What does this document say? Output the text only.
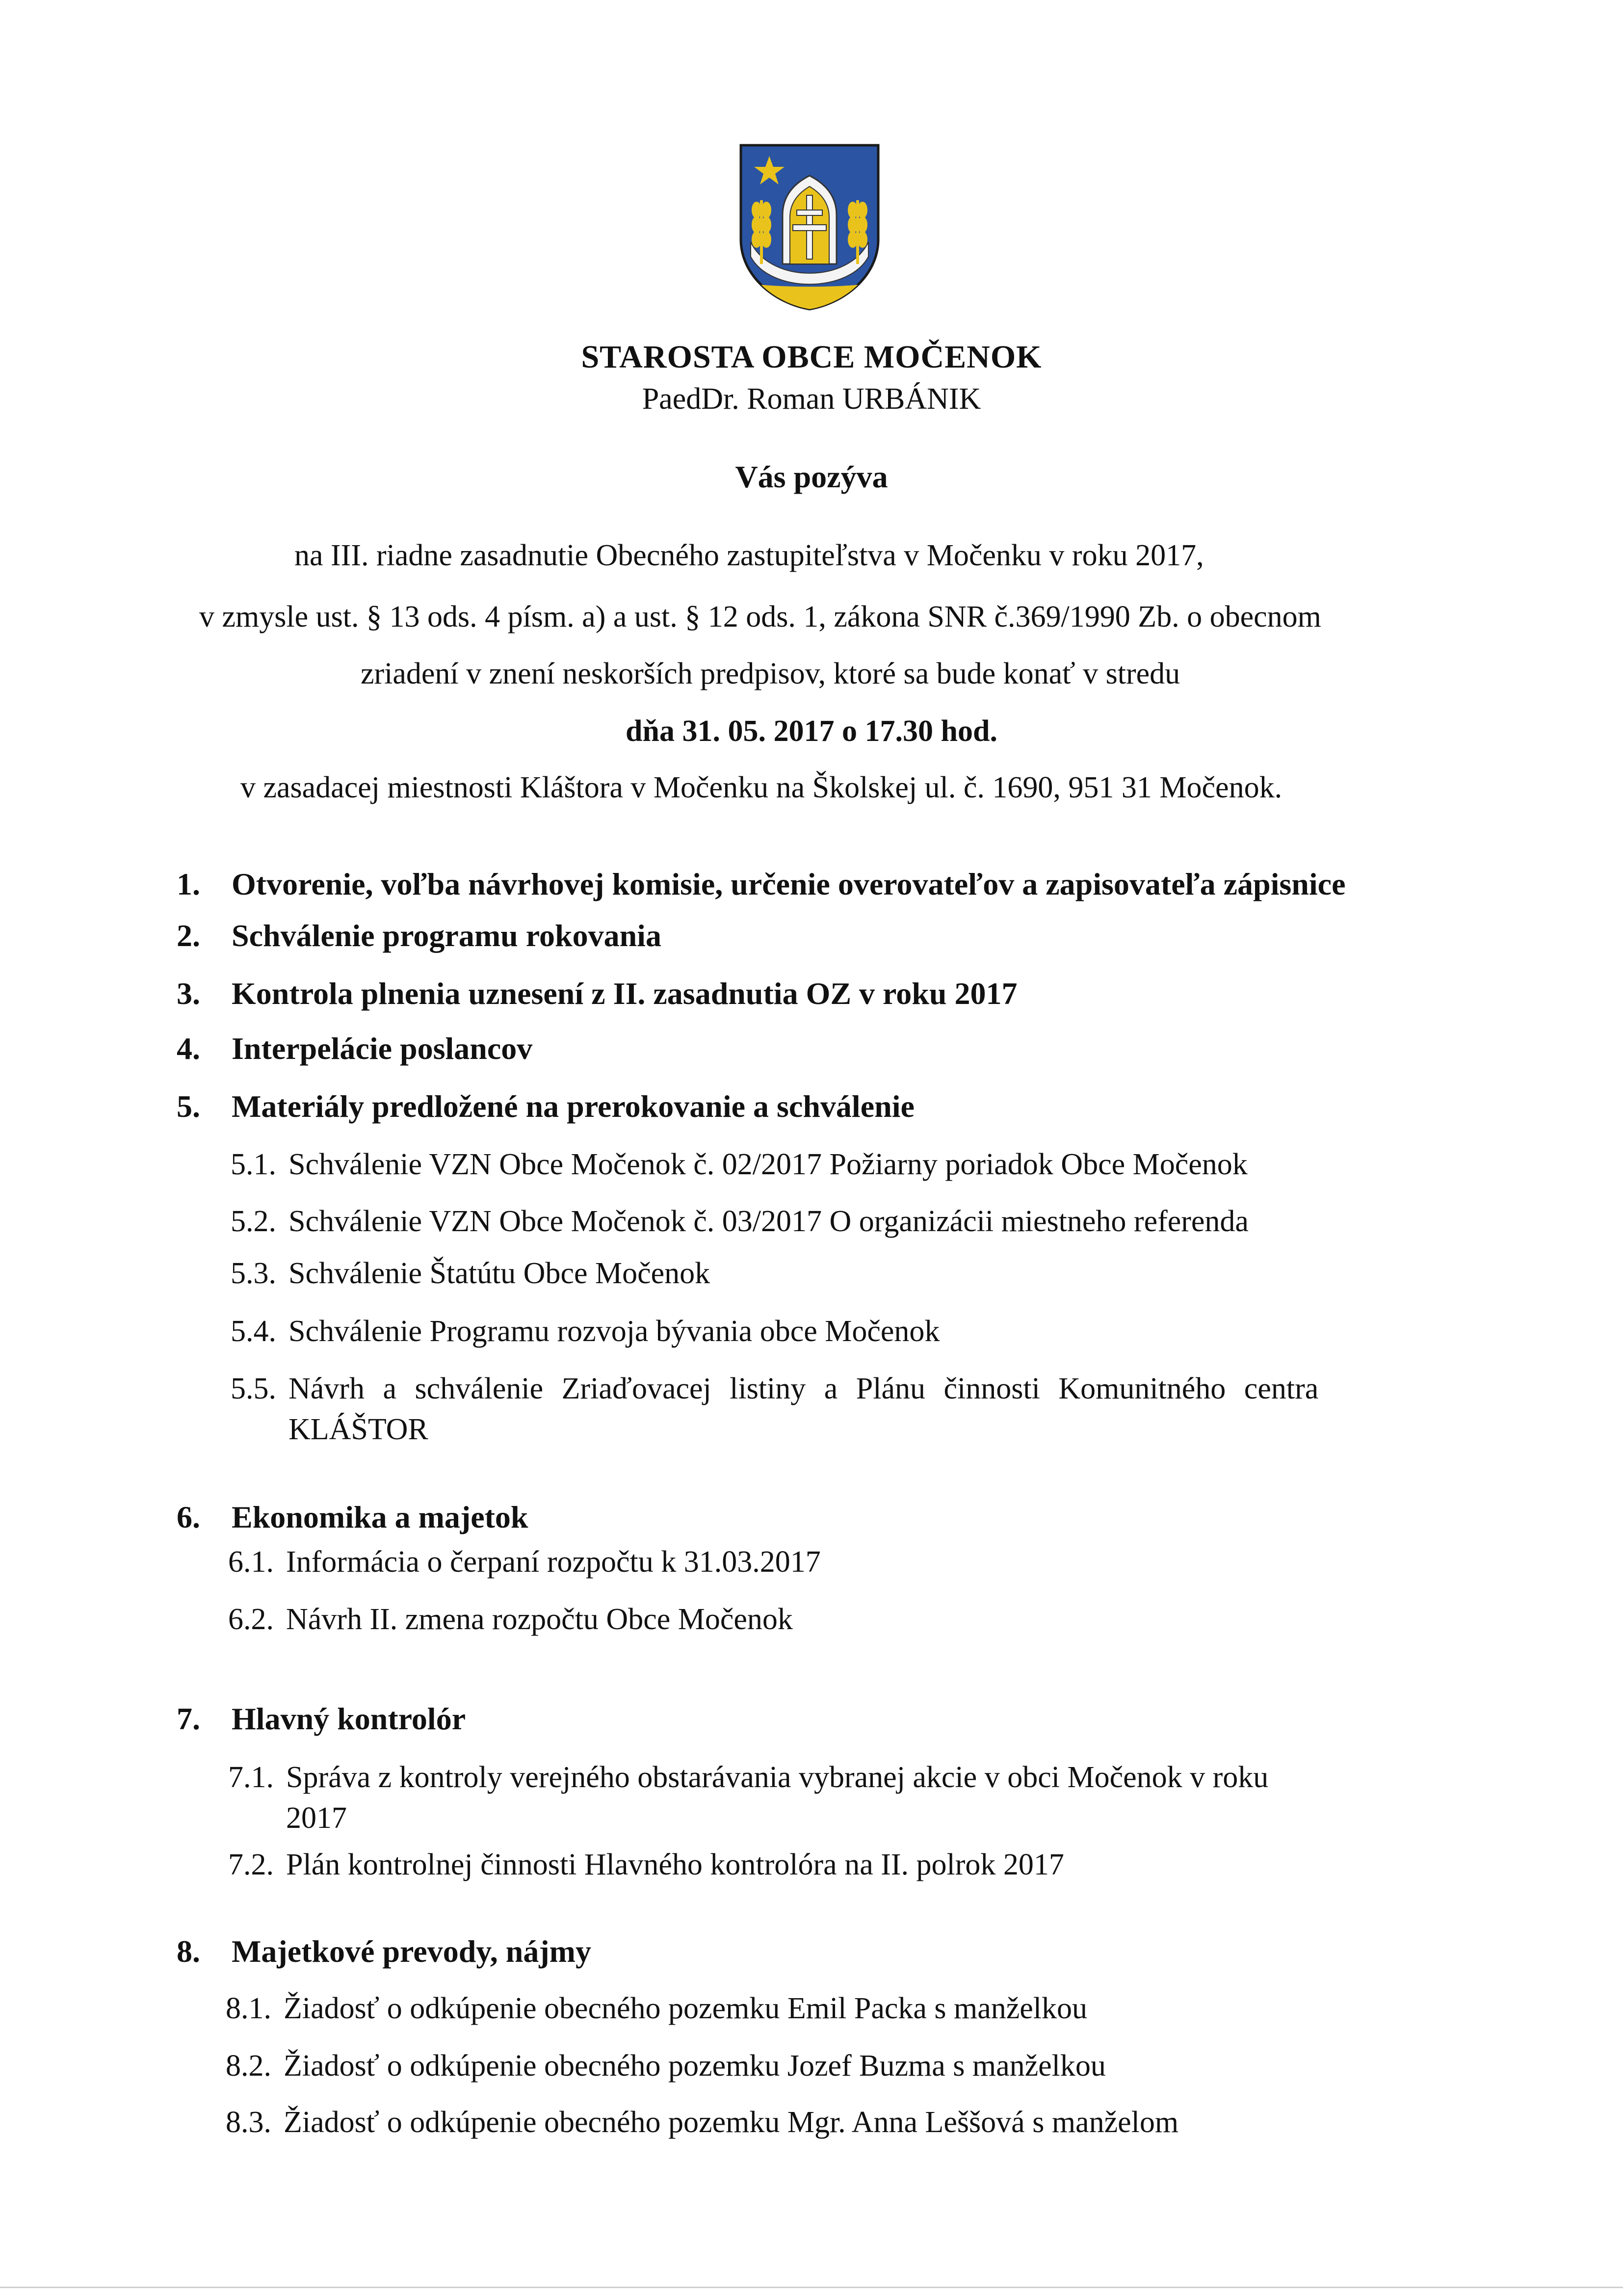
STAROSTA OBCE MOČENOK
PaedDr. Roman URBÁNIK
Vás pozýva
na III. riadne zasadnutie Obecného zastupiteľstva v Močenku v roku 2017,
v zmysle ust. § 13 ods. 4 písm. a) a ust. § 12 ods. 1, zákona SNR č.369/1990 Zb. o obecnom
zriadení v znení neskorších predpisov, ktoré sa bude konať v stredu
dňa 31. 05. 2017 o 17.30 hod.
v zasadacej miestnosti Kláštora v Močenku na Školskej ul. č. 1690, 951 31 Močenok.
1. Otvorenie, voľba návrhovej komisie, určenie overovateľov a zapisovateľa zápisnice
2. Schválenie programu rokovania
3. Kontrola plnenia uznesení z II. zasadnutia OZ v roku 2017
4. Interpelácie poslancov
5. Materiály predložené na prerokovanie a schválenie
5.1. Schválenie VZN Obce Močenok č. 02/2017 Požiarny poriadok Obce Močenok
5.2. Schválenie VZN Obce Močenok č. 03/2017 O organizácii miestneho referenda
5.3. Schválenie Štatútu Obce Močenok
5.4. Schválenie Programu rozvoja bývania obce Močenok
5.5. Návrh a schválenie Zriaďovacej listiny a Plánu činnosti Komunitného centra
KLÁŠTOR
6. Ekonomika a majetok
6.1. Informácia o čerpaní rozpočtu k 31.03.2017
6.2. Návrh II. zmena rozpočtu Obce Močenok
7. Hlavný kontrolór
7.1. Správa z kontroly verejného obstarávania vybranej akcie v obci Močenok v roku
2017
7.2. Plán kontrolnej činnosti Hlavného kontrolóra na II. polrok 2017
8. Majetkové prevody, nájmy
8.1. Žiadosť o odkúpenie obecného pozemku Emil Packa s manželkou
8.2. Žiadosť o odkúpenie obecného pozemku Jozef Buzma s manželkou
8.3. Žiadosť o odkúpenie obecného pozemku Mgr. Anna Leššová s manželom
